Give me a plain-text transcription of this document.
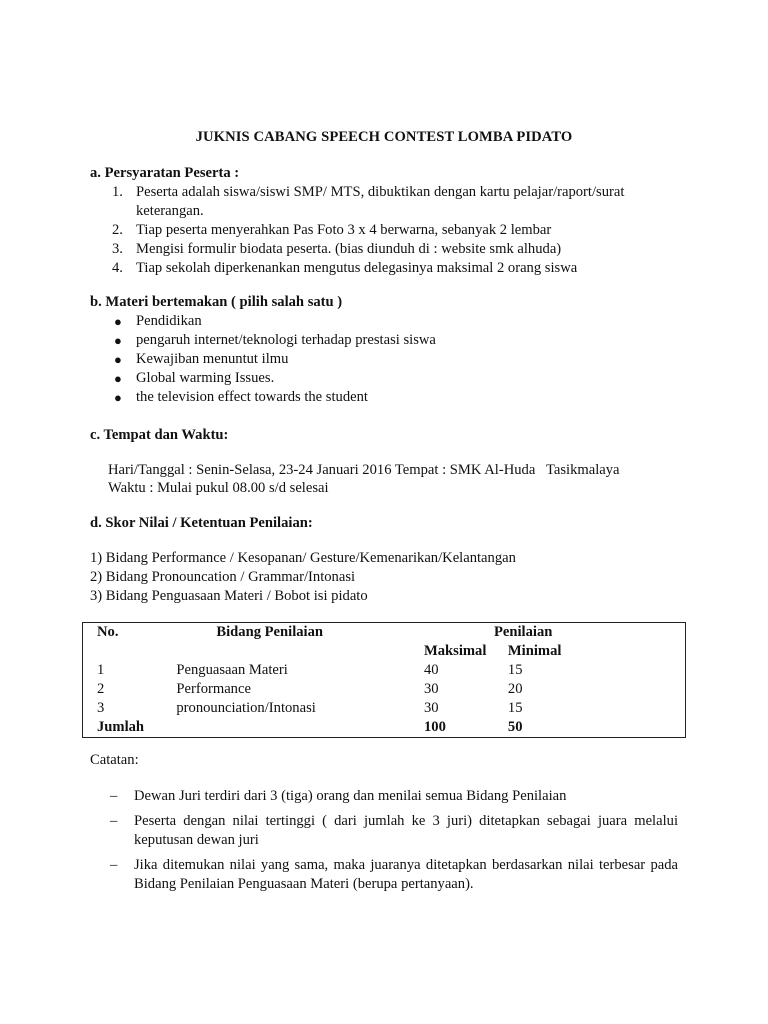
JUKNIS CABANG SPEECH CONTEST LOMBA PIDATO
a. Persyaratan Peserta :
1. Peserta adalah siswa/siswi SMP/ MTS, dibuktikan dengan kartu pelajar/raport/surat keterangan.
2. Tiap peserta menyerahkan Pas Foto 3 x 4 berwarna, sebanyak 2 lembar
3. Mengisi formulir biodata peserta. (bias diunduh di : website smk alhuda)
4. Tiap sekolah diperkenankan mengutus delegasinya maksimal 2 orang siswa
b. Materi bertemakan ( pilih salah satu )
● Pendidikan
● pengaruh internet/teknologi terhadap prestasi siswa
● Kewajiban menuntut ilmu
● Global warming Issues.
● the television effect towards the student
c. Tempat dan Waktu:
Hari/Tanggal : Senin-Selasa, 23-24 Januari 2016 Tempat : SMK Al-Huda   Tasikmalaya
Waktu : Mulai pukul 08.00 s/d selesai
d. Skor Nilai / Ketentuan Penilaian:
1) Bidang Performance / Kesopanan/ Gesture/Kemenarikan/Kelantangan
2) Bidang Pronouncation / Grammar/Intonasi
3) Bidang Penguasaan Materi / Bobot isi pidato
No.	Bidang Penilaian	Penilaian	
		Maksimal	Minimal
1	Penguasaan Materi	40	15
2	Performance	30	20
3	pronounciation/Intonasi	30	15
Jumlah		100	50
Catatan:
– Dewan Juri terdiri dari 3 (tiga) orang dan menilai semua Bidang Penilaian
– Peserta dengan nilai tertinggi ( dari jumlah ke 3 juri) ditetapkan sebagai juara melalui keputusan dewan juri
– Jika ditemukan nilai yang sama, maka juaranya ditetapkan berdasarkan nilai terbesar pada Bidang Penilaian Penguasaan Materi (berupa pertanyaan).
